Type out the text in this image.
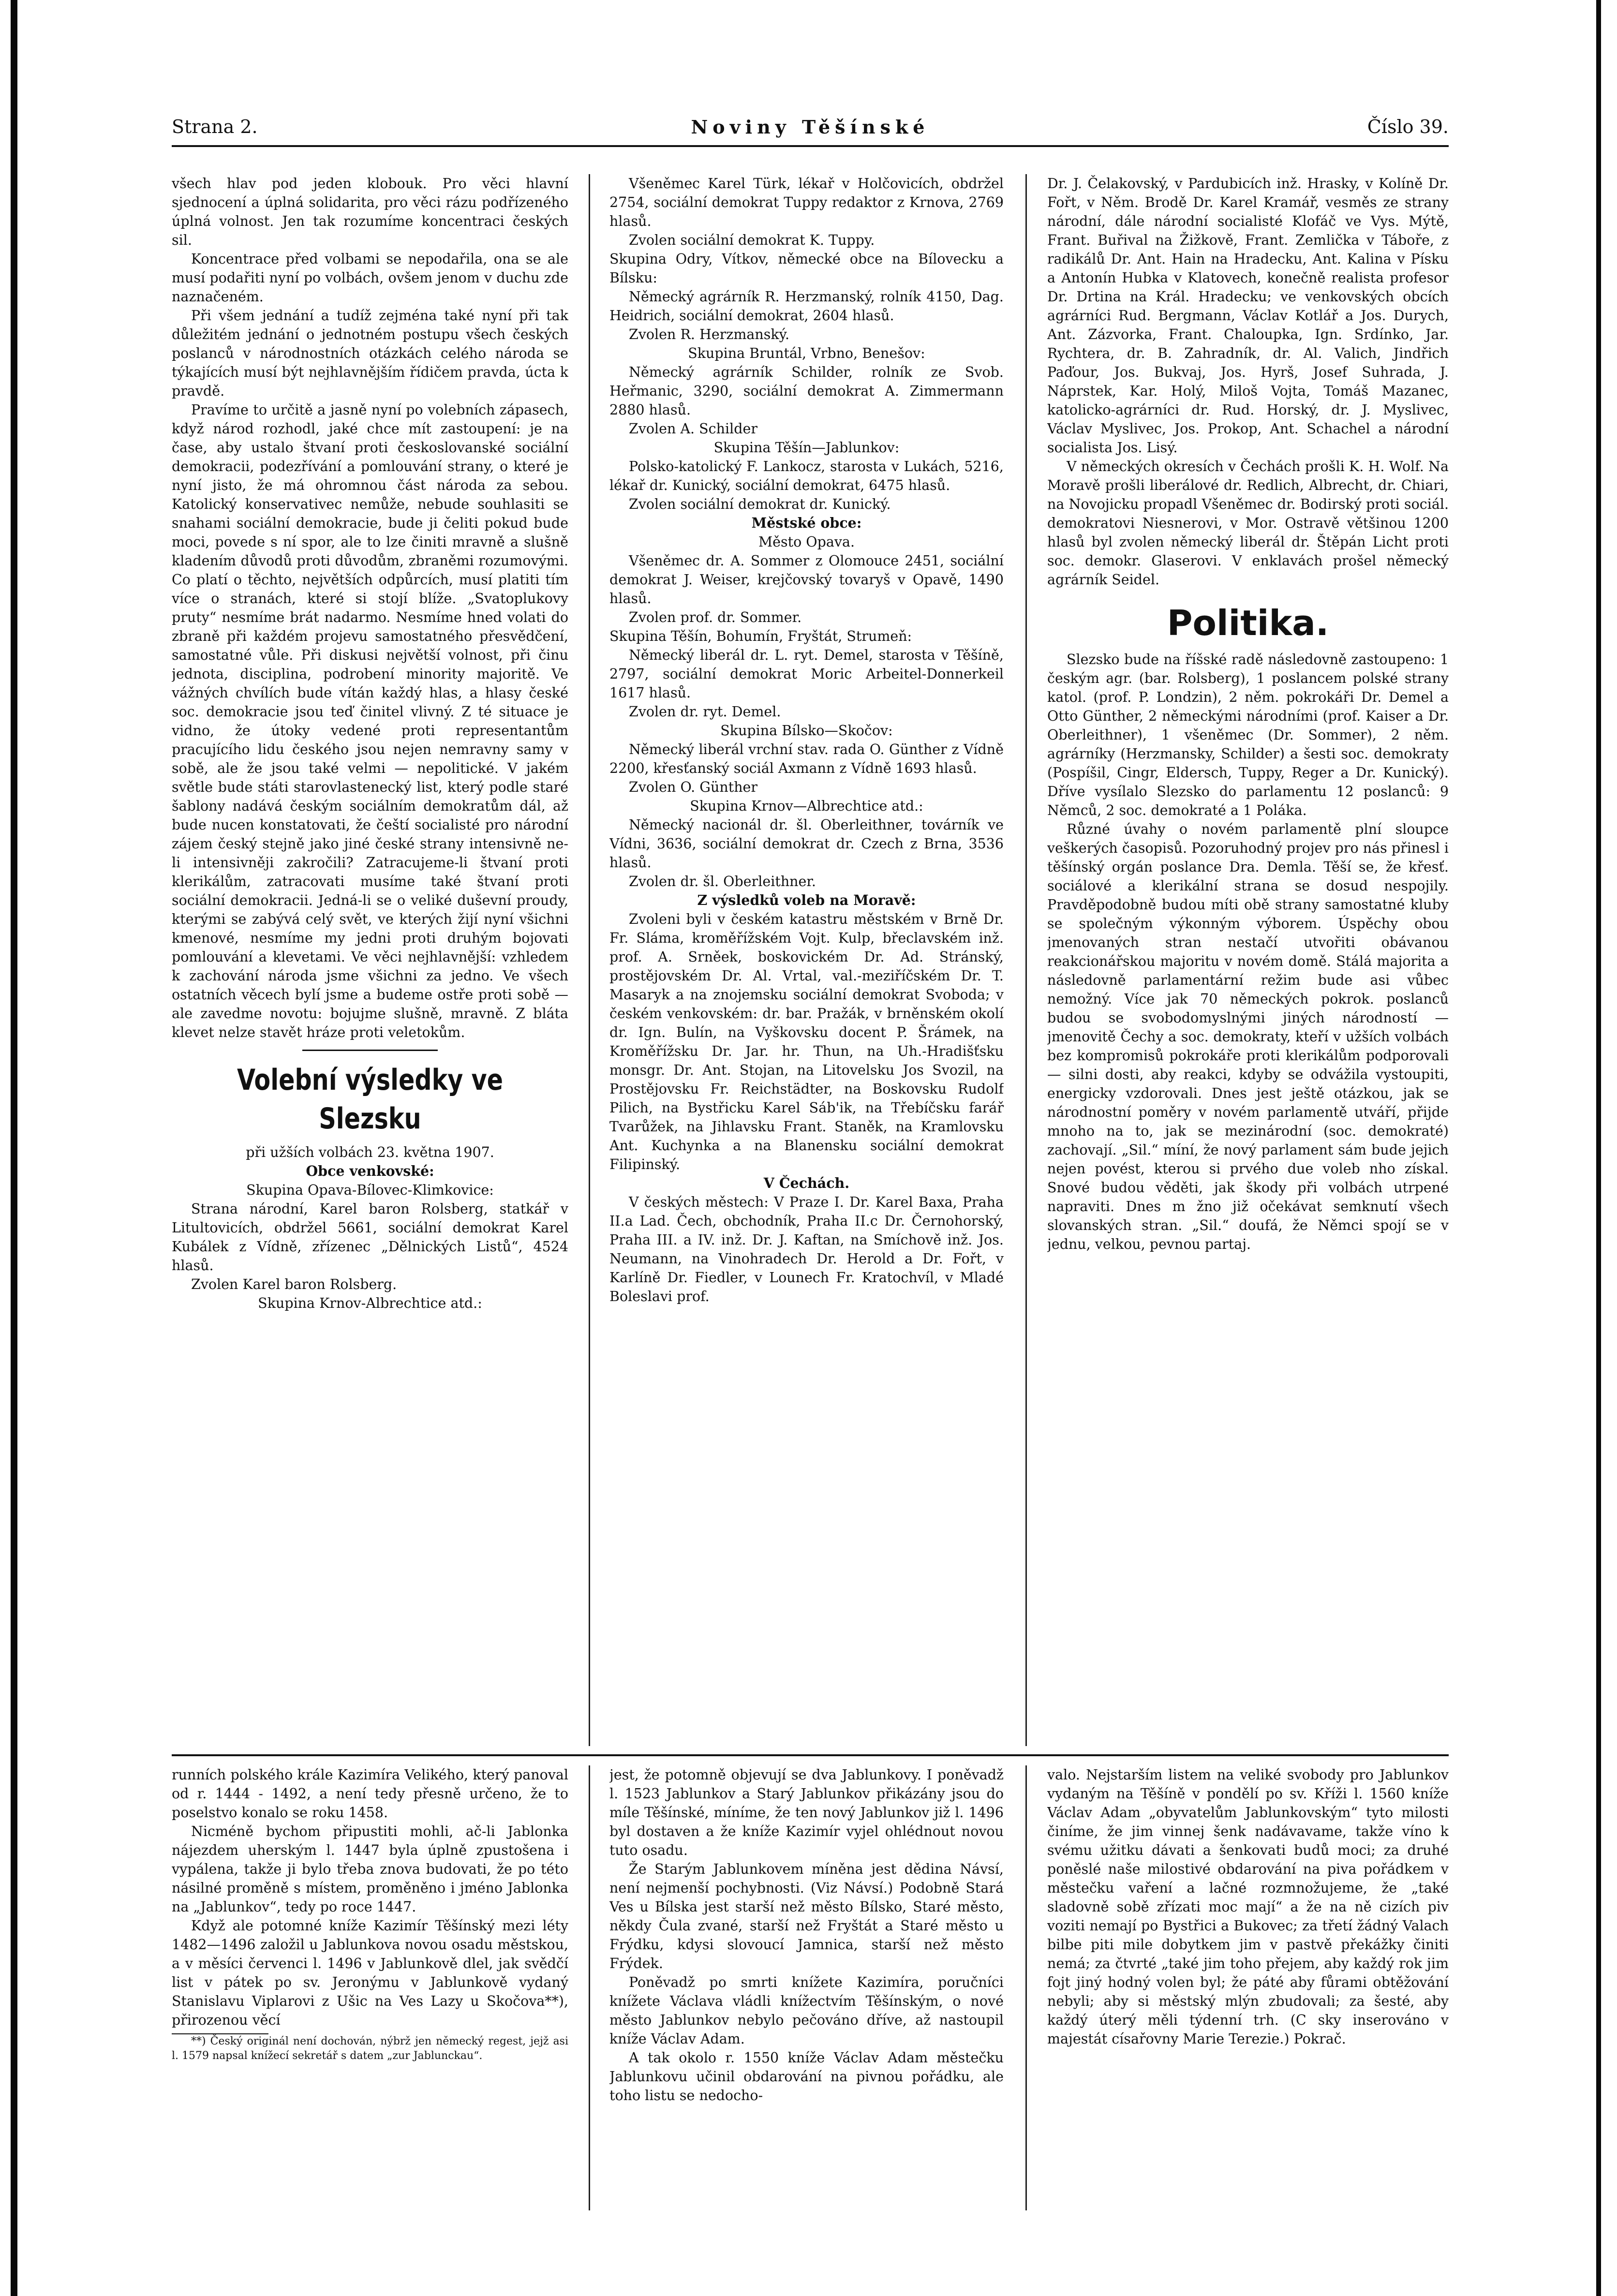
Strana 2.	Noviny Těšínské	Číslo 39.

všech hlav pod jeden klobouk. Pro věci hlavní sjednocení a úplná solidarita, pro věci rázu podřízeného úplná volnost. Jen tak rozumíme koncentraci českých sil.

Koncentrace před volbami se nepodařila, ona se ale musí podařiti nyní po volbách, ovšem jenom v duchu zde naznačeném.

Při všem jednání a tudíž zejména také nyní při tak důležitém jednání o jednotném postupu všech českých poslanců v národnostních otázkách celého národa se týkajících musí být nejhlavnějším řídičem pravda, úcta k pravdě.

Pravíme to určitě a jasně nyní po volebních zápasech, když národ rozhodl, jaké chce mít zastoupení: je na čase, aby ustalo štvaní proti českoslovanské sociální demokracii, podezřívání a pomlouvání strany, o které je nyní jisto, že má ohromnou část národa za sebou. Katolický konservativec nemůže, nebude souhlasiti se snahami sociální demokracie, bude ji čeliti pokud bude moci, povede s ní spor, ale to lze činiti mravně a slušně kladením důvodů proti důvodům, zbraněmi rozumovými. Co platí o těchto, největších odpůrcích, musí platiti tím více o stranách, které si stojí blíže. „Svatoplukovy pruty“ nesmíme brát nadarmo. Nesmíme hned volati do zbraně při každém projevu samostatného přesvědčení, samostatné vůle. Při diskusi největší volnost, při činu jednota, disciplina, podrobení minority majoritě. Ve vážných chvílích bude vítán každý hlas, a hlasy české soc. demokracie jsou teď činitel vlivný. Z té situace je vidno, že útoky vedené proti representantům pracujícího lidu českého jsou nejen nemravny samy v sobě, ale že jsou také velmi — nepolitické. V jakém světle bude státi starovlastenecký list, který podle staré šablony nadává českým sociálním demokratům dál, až bude nucen konstatovati, že čeští socialisté pro národní zájem český stejně jako jiné české strany intensivně ne-li intensivněji zakročili? Zatracujeme-li štvaní proti klerikálům, zatracovati musíme také štvaní proti sociální demokracii. Jedná-li se o veliké duševní proudy, kterými se zabývá celý svět, ve kterých žijí nyní všichni kmenové, nesmíme my jedni proti druhým bojovati pomlouvání a klevetami. Ve věci nejhlavnější: vzhledem k zachování národa jsme všichni za jedno. Ve všech ostatních věcech bylí jsme a budeme ostře proti sobě — ale zavedme novotu: bojujme slušně, mravně. Z bláta klevet nelze stavět hráze proti veletokům.

Volební výsledky ve Slezsku

při užších volbách 23. května 1907.

Obce venkovské:

Skupina Opava-Bílovec-Klimkovice:

Strana národní, Karel baron Rolsberg, statkář v Litultovicích, obdržel 5661, sociální demokrat Karel Kubálek z Vídně, zřízenec „Dělnických Listů“, 4524 hlasů.

Zvolen Karel baron Rolsberg.

Skupina Krnov-Albrechtice atd.:

Všeněmec Karel Türk, lékař v Holčovicích, obdržel 2754, sociální demokrat Tuppy redaktor z Krnova, 2769 hlasů.

Zvolen sociální demokrat K. Tuppy.

Skupina Odry, Vítkov, německé obce na Bílovecku a Bílsku:

Německý agrárník R. Herzmanský, rolník 4150, Dag. Heidrich, sociální demokrat, 2604 hlasů.

Zvolen R. Herzmanský.

Skupina Bruntál, Vrbno, Benešov:

Německý agrárník Schilder, rolník ze Svob. Heřmanic, 3290, sociální demokrat A. Zimmermann 2880 hlasů.

Zvolen A. Schilder

Skupina Těšín—Jablunkov:

Polsko-katolický F. Lankocz, starosta v Lukách, 5216, lékař dr. Kunický, sociální demokrat, 6475 hlasů.

Zvolen sociální demokrat dr. Kunický.

Městské obce:

Město Opava.

Všeněmec dr. A. Sommer z Olomouce 2451, sociální demokrat J. Weiser, krejčovský tovaryš v Opavě, 1490 hlasů.

Zvolen prof. dr. Sommer.

Skupina Těšín, Bohumín, Fryštát, Strumeň:

Německý liberál dr. L. ryt. Demel, starosta v Těšíně, 2797, sociální demokrat Moric Arbeitel-Donnerkeil 1617 hlasů.

Zvolen dr. ryt. Demel.

Skupina Bílsko—Skočov:

Německý liberál vrchní stav. rada O. Günther z Vídně 2200, křesťanský sociál Axmann z Vídně 1693 hlasů.

Zvolen O. Günther

Skupina Krnov—Albrechtice atd.:

Německý nacionál dr. šl. Oberleithner, továrník ve Vídni, 3636, sociální demokrat dr. Czech z Brna, 3536 hlasů.

Zvolen dr. šl. Oberleithner.

Z výsledků voleb na Moravě:

Zvoleni byli v českém katastru městském v Brně Dr. Fr. Sláma, kroměřížském Vojt. Kulp, břeclavském inž. prof. A. Srněek, boskovickém Dr. Ad. Stránský, prostějovském Dr. Al. Vrtal, val.-meziříčském Dr. T. Masaryk a na znojemsku sociální demokrat Svoboda; v českém venkovském: dr. bar. Pražák, v brněnském okolí dr. Ign. Bulín, na Vyškovsku docent P. Šrámek, na Kroměřížsku Dr. Jar. hr. Thun, na Uh.-Hradišťsku monsgr. Dr. Ant. Stojan, na Litovelsku Jos Svozil, na Prostějovsku Fr. Reichstädter, na Boskovsku Rudolf Pilich, na Bystřicku Karel Sáb'ik, na Třebíčsku farář Tvarůžek, na Jihlavsku Frant. Staněk, na Kramlovsku Ant. Kuchynka a na Blanensku sociální demokrat Filipinský.

V Čechách.

V českých městech: V Praze I. Dr. Karel Baxa, Praha II.a Lad. Čech, obchodník, Praha II.c Dr. Černohorský, Praha III. a IV. inž. Dr. J. Kaftan, na Smíchově inž. Jos. Neumann, na Vinohradech Dr. Herold a Dr. Fořt, v Karlíně Dr. Fiedler, v Lounech Fr. Kratochvíl, v Mladé Boleslavi prof.

Dr. J. Čelakovský, v Pardubicích inž. Hrasky, v Kolíně Dr. Fořt, v Něm. Brodě Dr. Karel Kramář, vesměs ze strany národní, dále národní socialisté Klofáč ve Vys. Mýtě, Frant. Buřival na Žižkově, Frant. Zemlička v Táboře, z radikálů Dr. Ant. Hain na Hradecku, Ant. Kalina v Písku a Antonín Hubka v Klatovech, konečně realista profesor Dr. Drtina na Král. Hradecku; ve venkovských obcích agrárníci Rud. Bergmann, Václav Kotlář a Jos. Durych, Ant. Zázvorka, Frant. Chaloupka, Ign. Srdínko, Jar. Rychtera, dr. B. Zahradník, dr. Al. Valich, Jindřich Paďour, Jos. Bukvaj, Jos. Hyrš, Josef Suhrada, J. Náprstek, Kar. Holý, Miloš Vojta, Tomáš Mazanec, katolicko-agrárníci dr. Rud. Horský, dr. J. Myslivec, Václav Myslivec, Jos. Prokop, Ant. Schachel a národní socialista Jos. Lisý.

V německých okresích v Čechách prošli K. H. Wolf. Na Moravě prošli liberálové dr. Redlich, Albrecht, dr. Chiari, na Novojicku propadl Všeněmec dr. Bodirský proti sociál. demokratovi Niesnerovi, v Mor. Ostravě většinou 1200 hlasů byl zvolen německý liberál dr. Štěpán Licht proti soc. demokr. Glaserovi. V enklavách prošel německý agrárník Seidel.

Politika.

Slezsko bude na říšské radě následovně zastoupeno: 1 českým agr. (bar. Rolsberg), 1 poslancem polské strany katol. (prof. P. Londzin), 2 něm. pokrokáři Dr. Demel a Otto Günther, 2 německými národními (prof. Kaiser a Dr. Oberleithner), 1 všeněmec (Dr. Sommer), 2 něm. agrárníky (Herzmansky, Schilder) a šesti soc. demokraty (Pospíšil, Cingr, Eldersch, Tuppy, Reger a Dr. Kunický). Dříve vysílalo Slezsko do parlamentu 12 poslanců: 9 Němců, 2 soc. demokraté a 1 Poláka.

Různé úvahy o novém parlamentě plní sloupce veškerých časopisů. Pozoruhodný projev pro nás přinesl i těšínský orgán poslance Dra. Demla. Těší se, že křesť. sociálové a klerikální strana se dosud nespojily. Pravděpodobně budou míti obě strany samostatné kluby se společným výkonným výborem. Úspěchy obou jmenovaných stran nestačí utvořiti obávanou reakcionářskou majoritu v novém domě. Stálá majorita a následovně parlamentární režim bude asi vůbec nemožný. Více jak 70 německých pokrok. poslanců budou se svobodomyslnými jiných národností — jmenovitě Čechy a soc. demokraty, kteří v užších volbách bez kompromisů pokrokáře proti klerikálům podporovali — silni dosti, aby reakci, kdyby se odvážila vystoupiti, energicky vzdorovali. Dnes jest ještě otázkou, jak se národnostní poměry v novém parlamentě utváří, přijde mnoho na to, jak se mezinárodní (soc. demokraté) zachovají. „Sil.“ míní, že nový parlament sám bude jejich nejen povést, kterou si prvého due voleb nho získal. Snové budou věděti, jak škody při volbách utrpené napraviti. Dnes m žno již očekávat semknutí všech slovanských stran. „Sil.“ doufá, že Němci spojí se v jednu, velkou, pevnou partaj.

runních polského krále Kazimíra Velikého, který panoval od r. 1444 - 1492, a není tedy přesně určeno, že to poselstvo konalo se roku 1458.

Nicméně bychom připustiti mohli, ač-li Jablonka nájezdem uherským l. 1447 byla úplně zpustošena i vypálena, takže ji bylo třeba znova budovati, že po této násilné proměně s místem, proměněno i jméno Jablonka na „Jablunkov“, tedy po roce 1447.

Když ale potomné kníže Kazimír Těšínský mezi léty 1482—1496 založil u Jablunkova novou osadu městskou, a v měsíci červenci l. 1496 v Jablunkově dlel, jak svědčí list v pátek po sv. Jeronýmu v Jablunkově vydaný Stanislavu Viplarovi z Ušic na Ves Lazy u Skočova**), přirozenou věcí

**) Český originál není dochován, nýbrž jen německý regest, jejž asi l. 1579 napsal knížecí sekretář s datem „zur Jablunckau“.

jest, že potomně objevují se dva Jablunkovy. I poněvadž l. 1523 Jablunkov a Starý Jablunkov přikázány jsou do míle Těšínské, míníme, že ten nový Jablunkov již l. 1496 byl dostaven a že kníže Kazimír vyjel ohlédnout novou tuto osadu.

Že Starým Jablunkovem míněna jest dědina Návsí, není nejmenší pochybnosti. (Viz Návsí.) Podobně Stará Ves u Bílska jest starší než město Bílsko, Staré město, někdy Čula zvané, starší než Fryštát a Staré město u Frýdku, kdysi slovoucí Jamnica, starší než město Frýdek.

Poněvadž po smrti knížete Kazimíra, poručníci knížete Václava vládli knížectvím Těšínským, o nové město Jablunkov nebylo pečováno dříve, až nastoupil kníže Václav Adam.

A tak okolo r. 1550 kníže Václav Adam městečku Jablunkovu učinil obdarování na pivnou pořádku, ale toho listu se nedocho-

valo. Nejstarším listem na veliké svobody pro Jablunkov vydaným na Těšíně v pondělí po sv. Kříži l. 1560 kníže Václav Adam „obyvatelům Jablunkovským“ tyto milosti činíme, že jim vinnej šenk nadávavame, takže víno k svému užitku dávati a šenkovati budů moci; za druhé poněslé naše milostivé obdarování na piva pořádkem v městečku vaření a lačné rozmnožujeme, že „také sladovně sobě zřízati moc mají“ a že na ně cizích piv voziti nemají po Bystřici a Bukovec; za třetí žádný Valach bilbe piti mile dobytkem jim v pastvě překážky činiti nemá; za čtvrté „také jim toho přejem, aby každý rok jim fojt jiný hodný volen byl; že páté aby fůrami obtěžování nebyli; aby si městský mlýn zbudovali; za šesté, aby každý úterý měli týdenní trh. (C sky inserováno v majestát císařovny Marie Terezie.) Pokrač.
